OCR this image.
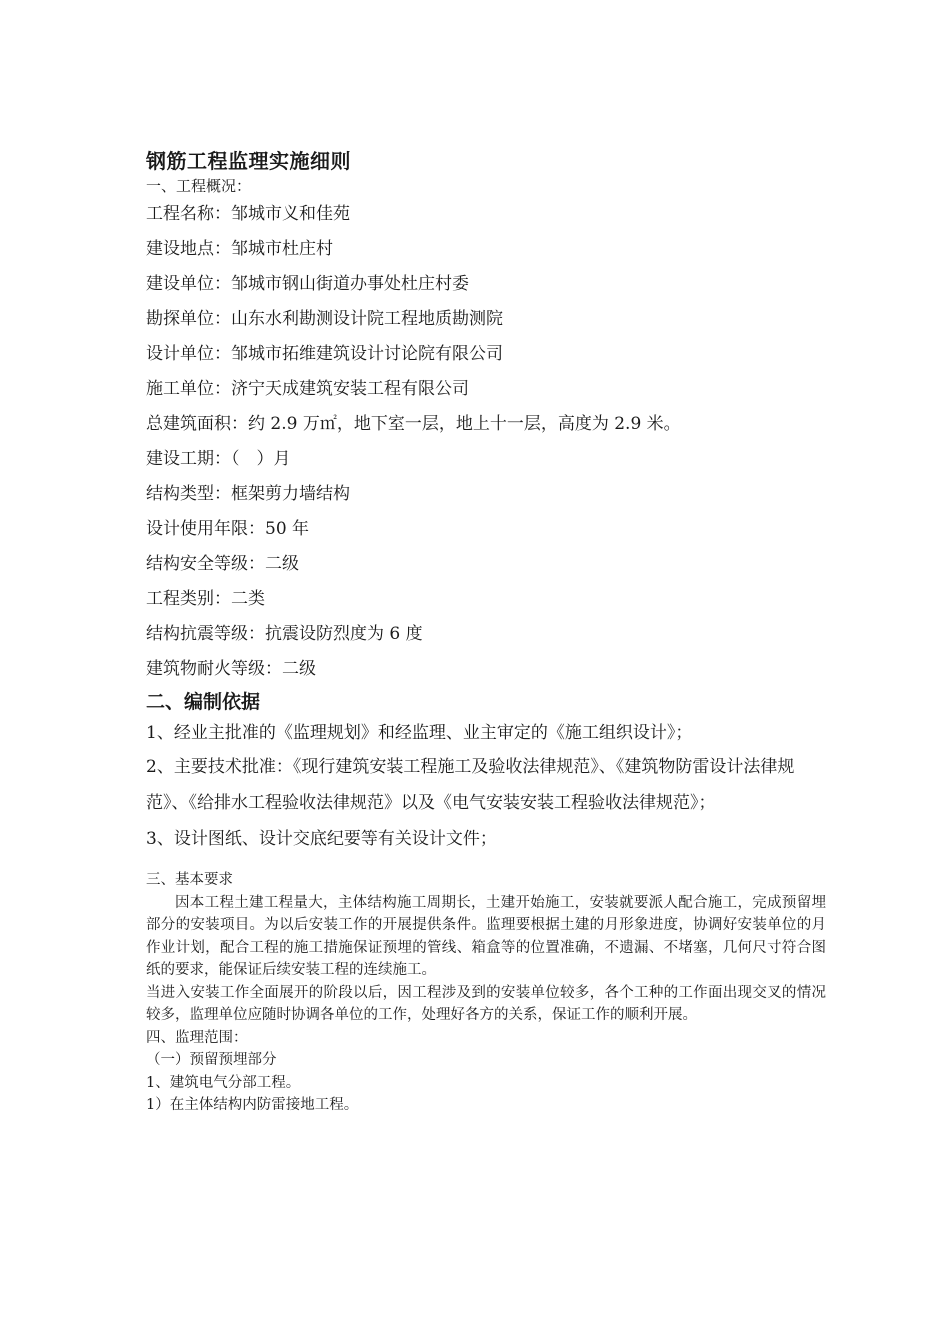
钢筋工程监理实施细则

一、工程概况：

工程名称：邹城市义和佳苑
建设地点：邹城市杜庄村
建设单位：邹城市钢山街道办事处杜庄村委
勘探单位：山东水利勘测设计院工程地质勘测院
设计单位：邹城市拓维建筑设计讨论院有限公司
施工单位：济宁天成建筑安装工程有限公司
总建筑面积：约 2.9 万㎡，地下室一层，地上十一层，高度为 2.9 米。
建设工期：（　）月
结构类型：框架剪力墙结构
设计使用年限：50 年
结构安全等级：二级
工程类别：二类
结构抗震等级：抗震设防烈度为 6 度
建筑物耐火等级：二级
二、编制依据

1、经业主批准的《监理规划》和经监理、业主审定的《施工组织设计》；

2、主要技术批准：《现行建筑安装工程施工及验收法律规范》、《建筑物防雷设计法律规范》、《给排水工程验收法律规范》以及《电气安装安装工程验收法律规范》；

3、设计图纸、设计交底纪要等有关设计文件；

三、基本要求

因本工程土建工程量大，主体结构施工周期长，土建开始施工，安装就要派人配合施工，完成预留埋部分的安装项目。为以后安装工作的开展提供条件。监理要根据土建的月形象进度，协调好安装单位的月作业计划，配合工程的施工措施保证预埋的管线、箱盒等的位置准确，不遗漏、不堵塞，几何尺寸符合图纸的要求，能保证后续安装工程的连续施工。

当进入安装工作全面展开的阶段以后，因工程涉及到的安装单位较多，各个工种的工作面出现交叉的情况较多，监理单位应随时协调各单位的工作，处理好各方的关系，保证工作的顺利开展。

四、监理范围：

（一）预留预埋部分

1、建筑电气分部工程。

1）在主体结构内防雷接地工程。
